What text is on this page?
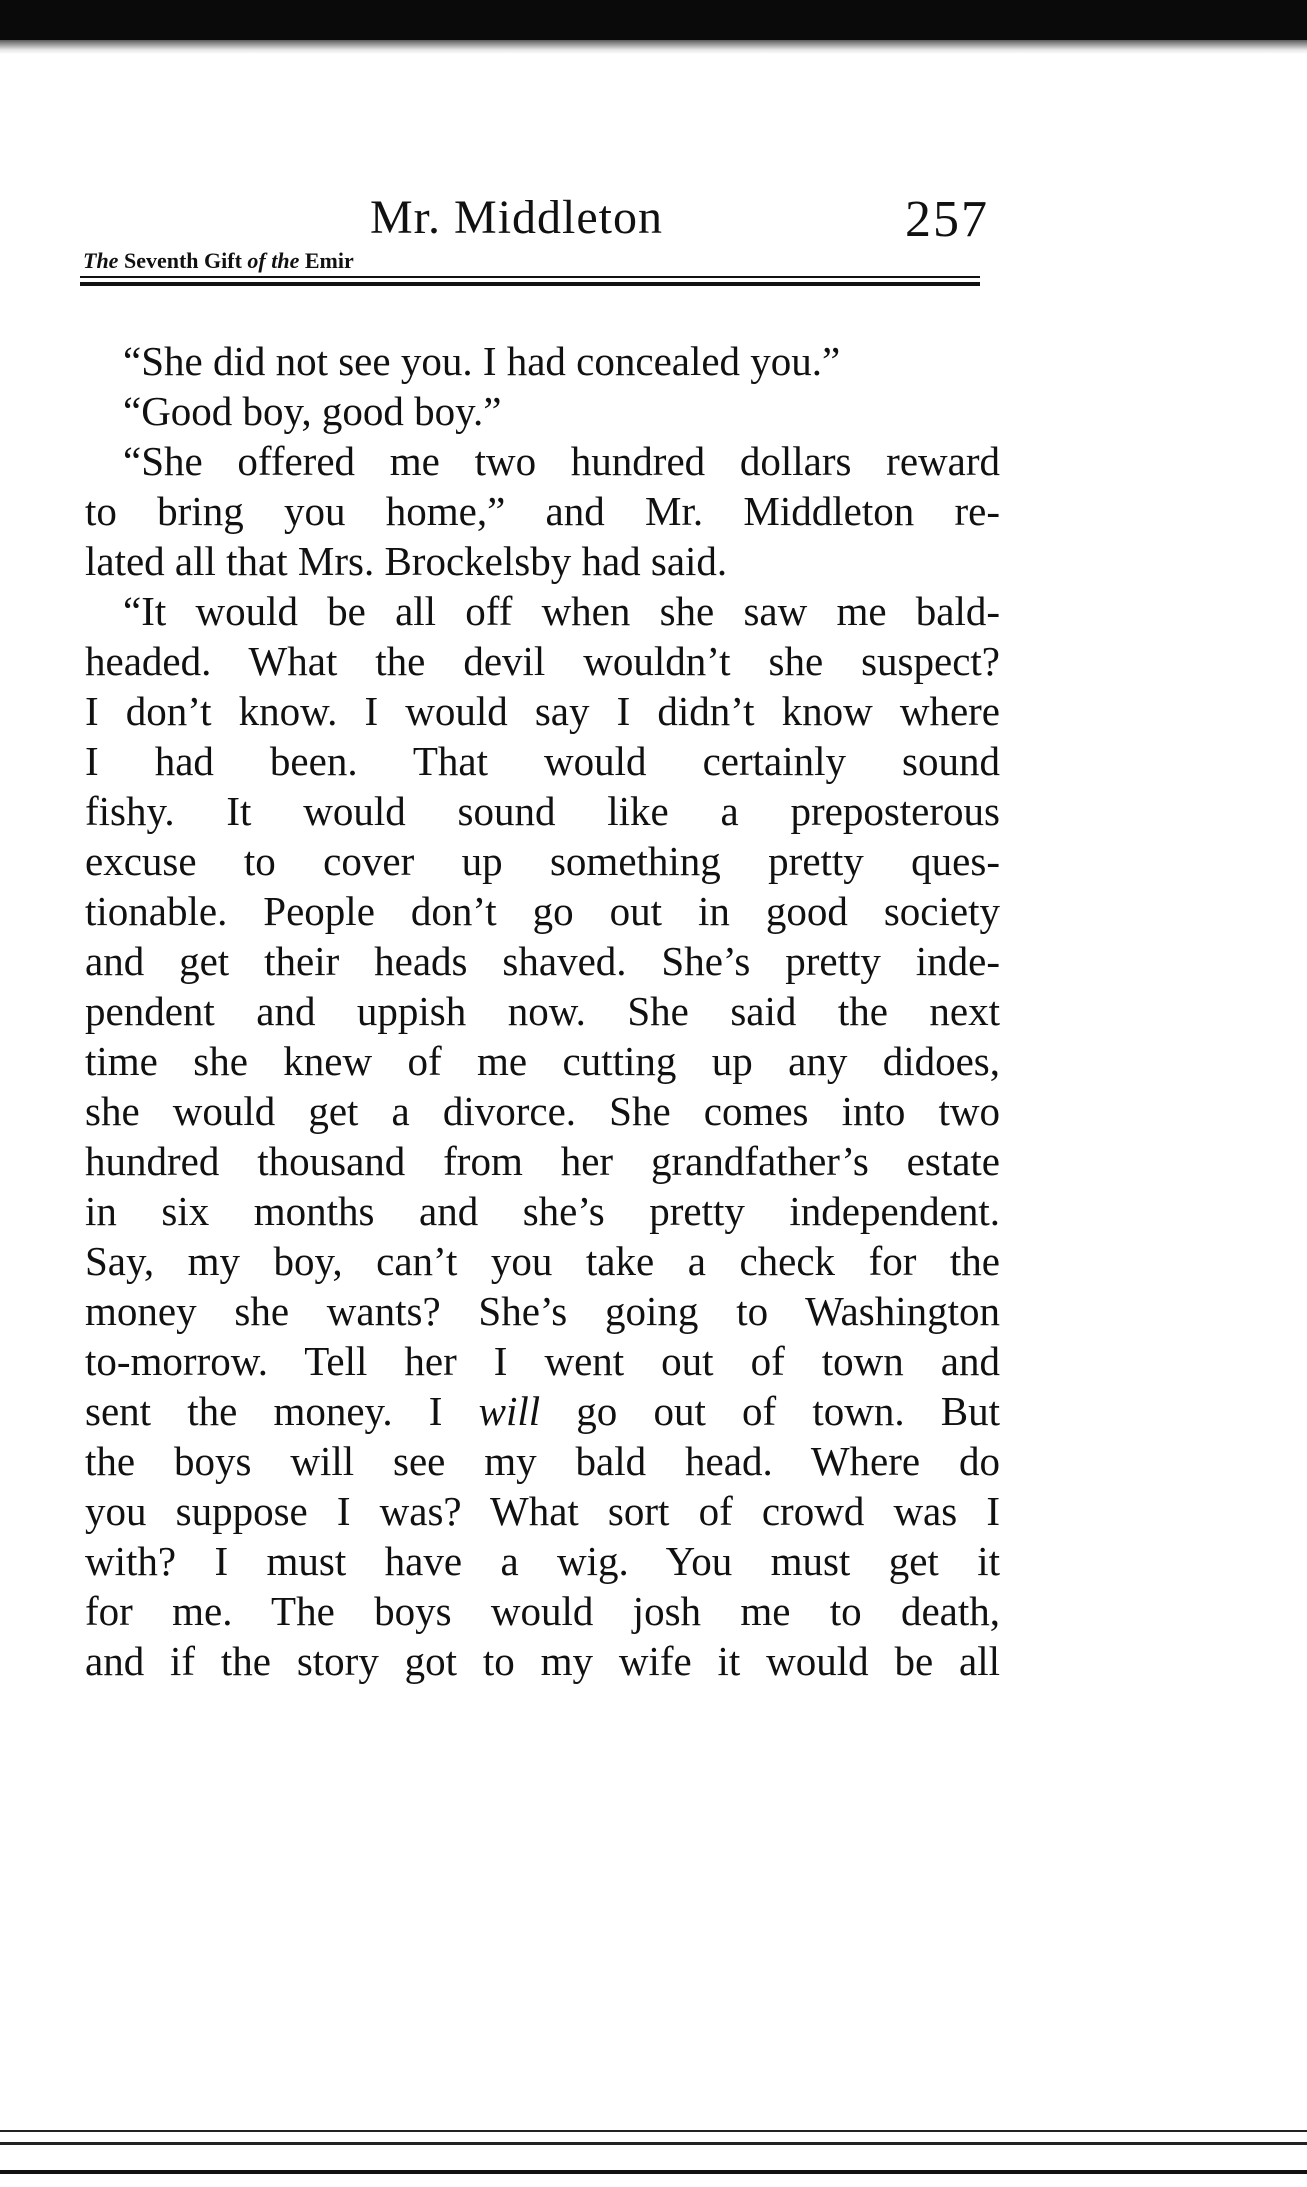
Mr. Middleton	257
The Seventh Gift of the Emir
“She did not see you. I had concealed you.”
“Good boy, good boy.”
“She offered me two hundred dollars reward
to bring you home,” and Mr. Middleton re-
lated all that Mrs. Brockelsby had said.
“It would be all off when she saw me bald-
headed. What the devil wouldn’t she suspect?
I don’t know. I would say I didn’t know where
I had been. That would certainly sound
fishy. It would sound like a preposterous
excuse to cover up something pretty ques-
tionable. People don’t go out in good society
and get their heads shaved. She’s pretty inde-
pendent and uppish now. She said the next
time she knew of me cutting up any didoes,
she would get a divorce. She comes into two
hundred thousand from her grandfather’s estate
in six months and she’s pretty independent.
Say, my boy, can’t you take a check for the
money she wants? She’s going to Washington
to-morrow. Tell her I went out of town and
sent the money. I will go out of town. But
the boys will see my bald head. Where do
you suppose I was? What sort of crowd was I
with? I must have a wig. You must get it
for me. The boys would josh me to death,
and if the story got to my wife it would be all
